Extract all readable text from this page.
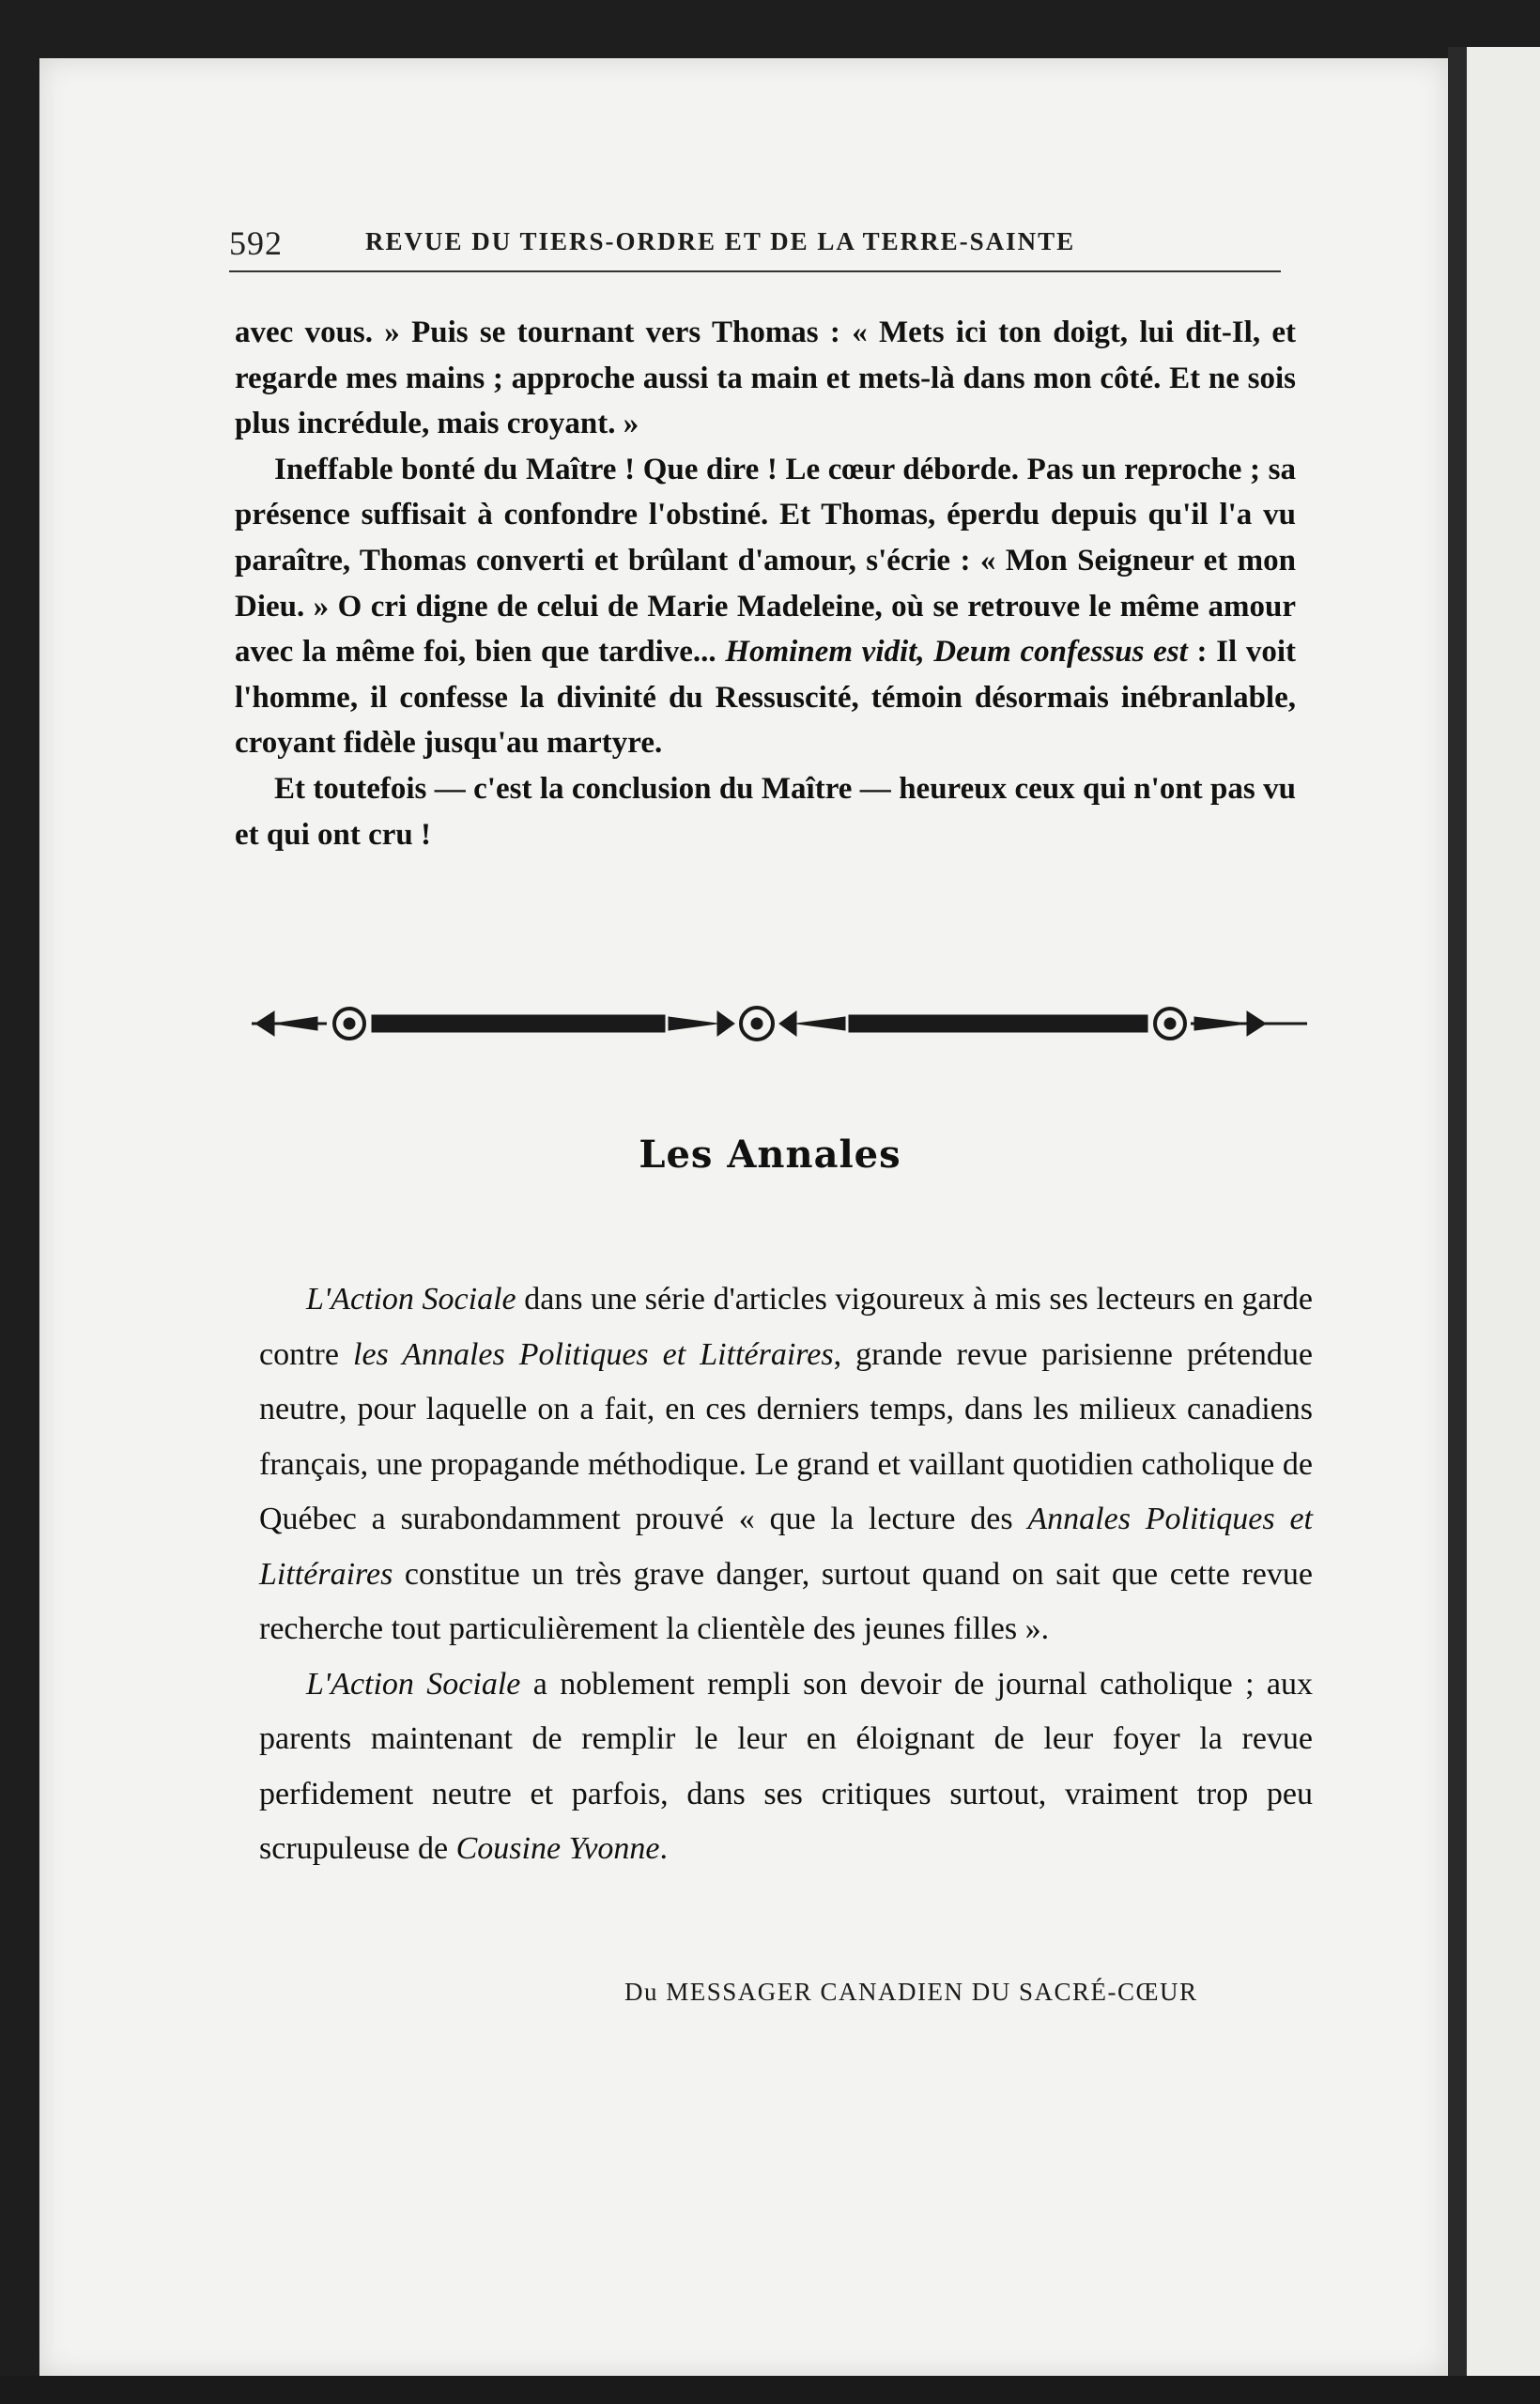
592	REVUE DU TIERS-ORDRE ET DE LA TERRE-SAINTE

avec vous. » Puis se tournant vers Thomas : « Mets ici ton doigt, lui dit-Il, et regarde mes mains ; approche aussi ta main et mets-là dans mon côté. Et ne sois plus incrédule, mais croyant. »

Ineffable bonté du Maître ! Que dire ! Le cœur déborde. Pas un reproche ; sa présence suffisait à confondre l'obstiné. Et Thomas, éperdu depuis qu'il l'a vu paraître, Thomas converti et brûlant d'amour, s'écrie : « Mon Seigneur et mon Dieu. » O cri digne de celui de Marie Madeleine, où se retrouve le même amour avec la même foi, bien que tardive... Hominem vidit, Deum confessus est : Il voit l'homme, il confesse la divinité du Ressuscité, témoin désormais inébranlable, croyant fidèle jusqu'au martyre.

Et toutefois — c'est la conclusion du Maître — heureux ceux qui n'ont pas vu et qui ont cru !

Les Annales

L'Action Sociale dans une série d'articles vigoureux à mis ses lecteurs en garde contre les Annales Politiques et Littéraires, grande revue parisienne prétendue neutre, pour laquelle on a fait, en ces derniers temps, dans les milieux canadiens français, une propagande méthodique. Le grand et vaillant quotidien catholique de Québec a surabondamment prouvé « que la lecture des Annales Politiques et Littéraires constitue un très grave danger, surtout quand on sait que cette revue recherche tout particulièrement la clientèle des jeunes filles ».

L'Action Sociale a noblement rempli son devoir de journal catholique ; aux parents maintenant de remplir le leur en éloignant de leur foyer la revue perfidement neutre et parfois, dans ses critiques surtout, vraiment trop peu scrupuleuse de Cousine Yvonne.

Du MESSAGER CANADIEN DU SACRÉ-CŒUR
